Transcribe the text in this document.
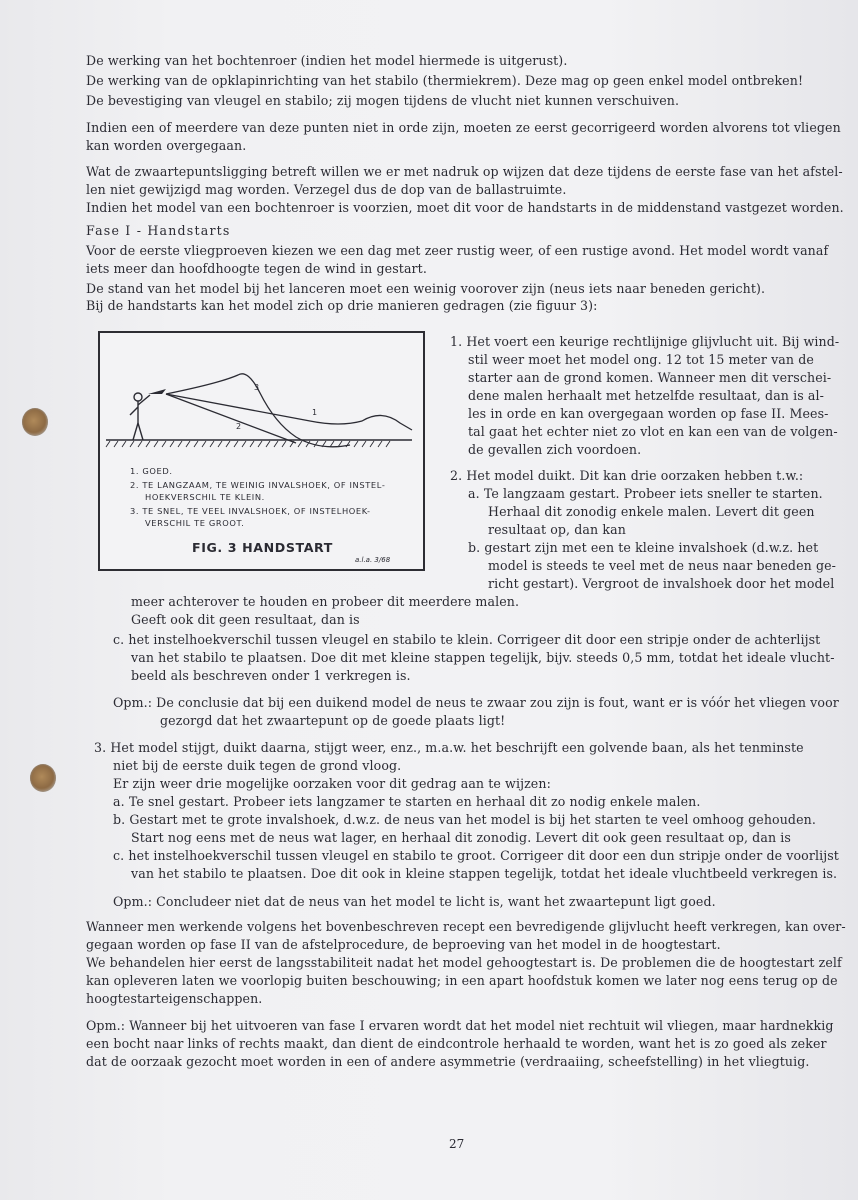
De werking van het bochtenroer (indien het model hiermede is uitgerust).
De werking van de opklapinrichting van het stabilo (thermiekrem). Deze mag op geen enkel model ontbreken!
De bevestiging van vleugel en stabilo; zij mogen tijdens de vlucht niet kunnen verschuiven.
Indien een of meerdere van deze punten niet in orde zijn, moeten ze eerst gecorrigeerd worden alvorens tot vliegen
kan worden overgegaan.
Wat de zwaartepuntsligging betreft willen we er met nadruk op wijzen dat deze tijdens de eerste fase van het afstel-
len niet gewijzigd mag worden. Verzegel dus de dop van de ballastruimte.
Indien het model van een bochtenroer is voorzien, moet dit voor de handstarts in de middenstand vastgezet worden.
Fase I - Handstarts
Voor de eerste vliegproeven kiezen we een dag met zeer rustig weer, of een rustige avond. Het model wordt vanaf
iets meer dan hoofdhoogte tegen de wind in gestart.
De stand van het model bij het lanceren moet een weinig voorover zijn (neus iets naar beneden gericht).
Bij de handstarts kan het model zich op drie manieren gedragen (zie figuur 3):
1
2
3
1. GOED.
2. TE LANGZAAM, TE WEINIG INVALSHOEK, OF INSTEL-
HOEKVERSCHIL TE KLEIN.
3. TE SNEL, TE VEEL INVALSHOEK, OF INSTELHOEK-
VERSCHIL TE GROOT.
FIG. 3 HANDSTART
a.l.a. 3/68
1. Het voert een keurige rechtlijnige glijvlucht uit. Bij wind-
stil weer moet het model ong. 12 tot 15 meter van de
starter aan de grond komen. Wanneer men dit verschei-
dene malen herhaalt met hetzelfde resultaat, dan is al-
les in orde en kan overgegaan worden op fase II. Mees-
tal gaat het echter niet zo vlot en kan een van de volgen-
de gevallen zich voordoen.
2. Het model duikt. Dit kan drie oorzaken hebben t.w.:
a. Te langzaam gestart. Probeer iets sneller te starten.
Herhaal dit zonodig enkele malen. Levert dit geen
resultaat op, dan kan
b. gestart zijn met een te kleine invalshoek (d.w.z. het
model is steeds te veel met de neus naar beneden ge-
richt gestart). Vergroot de invalshoek door het model
meer achterover te houden en probeer dit meerdere malen.
Geeft ook dit geen resultaat, dan is
c. het instelhoekverschil tussen vleugel en stabilo te klein. Corrigeer dit door een stripje onder de achterlijst
van het stabilo te plaatsen. Doe dit met kleine stappen tegelijk, bijv. steeds 0,5 mm, totdat het ideale vlucht-
beeld als beschreven onder 1 verkregen is.
Opm.: De conclusie dat bij een duikend model de neus te zwaar zou zijn is fout, want er is vóór het vliegen voor
gezorgd dat het zwaartepunt op de goede plaats ligt!
3. Het model stijgt, duikt daarna, stijgt weer, enz., m.a.w. het beschrijft een golvende baan, als het tenminste
niet bij de eerste duik tegen de grond vloog.
Er zijn weer drie mogelijke oorzaken voor dit gedrag aan te wijzen:
a. Te snel gestart. Probeer iets langzamer te starten en herhaal dit zo nodig enkele malen.
b. Gestart met te grote invalshoek, d.w.z. de neus van het model is bij het starten te veel omhoog gehouden.
Start nog eens met de neus wat lager, en herhaal dit zonodig. Levert dit ook geen resultaat op, dan is
c. het instelhoekverschil tussen vleugel en stabilo te groot. Corrigeer dit door een dun stripje onder de voorlijst
van het stabilo te plaatsen. Doe dit ook in kleine stappen tegelijk, totdat het ideale vluchtbeeld verkregen is.
Opm.: Concludeer niet dat de neus van het model te licht is, want het zwaartepunt ligt goed.
Wanneer men werkende volgens het bovenbeschreven recept een bevredigende glijvlucht heeft verkregen, kan over-
gegaan worden op fase II van de afstelprocedure, de beproeving van het model in de hoogtestart.
We behandelen hier eerst de langsstabiliteit nadat het model gehoogtestart is. De problemen die de hoogtestart zelf
kan opleveren laten we voorlopig buiten beschouwing; in een apart hoofdstuk komen we later nog eens terug op de
hoogtestarteigenschappen.
Opm.: Wanneer bij het uitvoeren van fase I ervaren wordt dat het model niet rechtuit wil vliegen, maar hardnekkig
een bocht naar links of rechts maakt, dan dient de eindcontrole herhaald te worden, want het is zo goed als zeker
dat de oorzaak gezocht moet worden in een of andere asymmetrie (verdraaiing, scheefstelling) in het vliegtuig.
27
